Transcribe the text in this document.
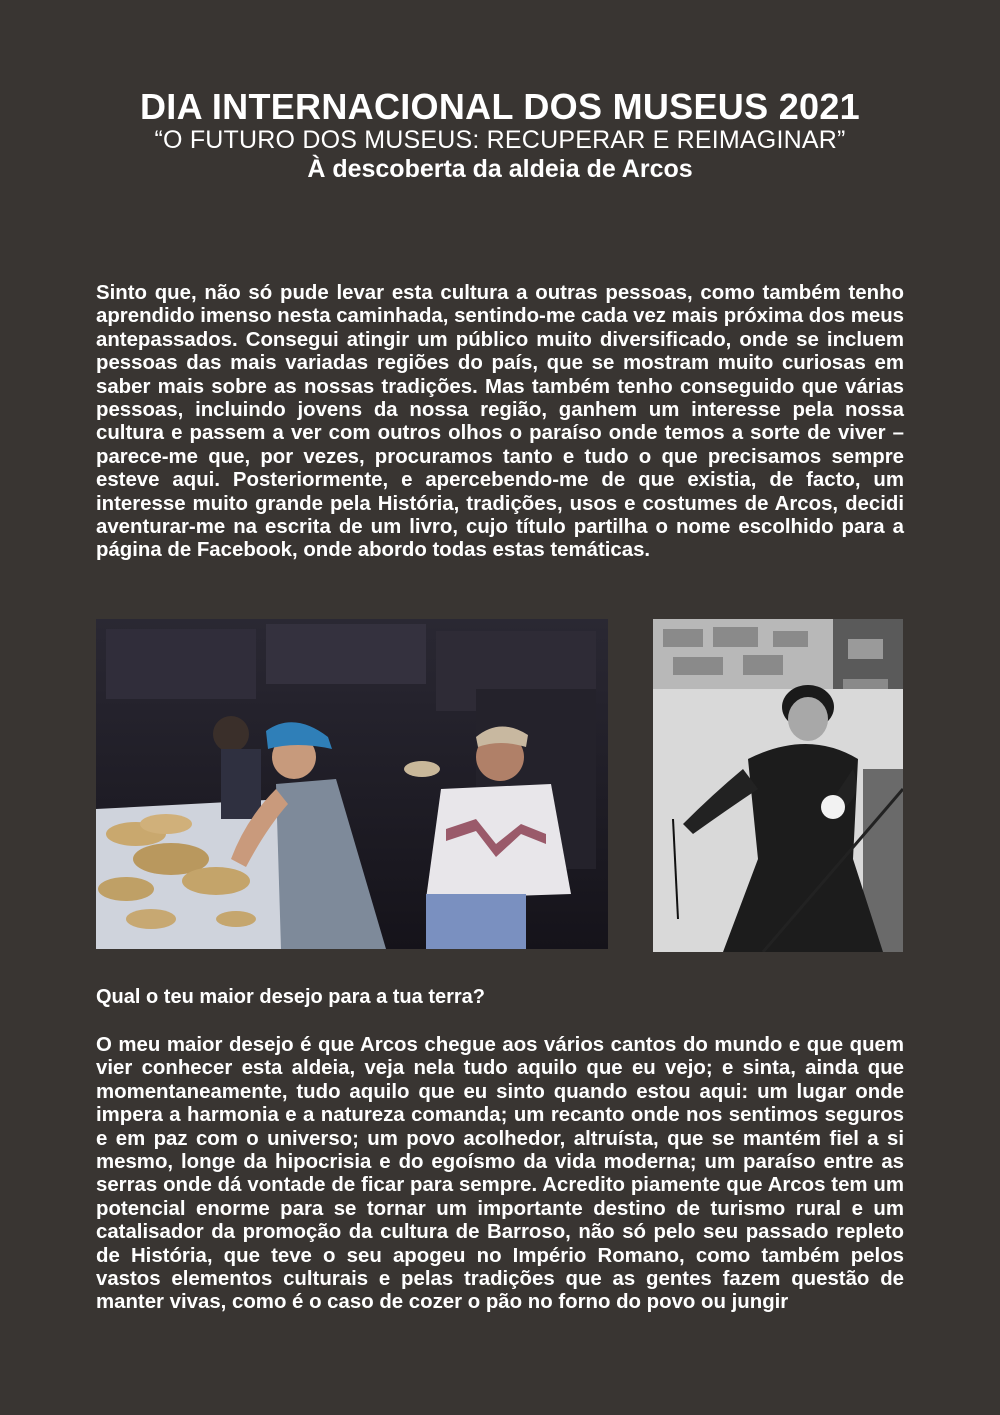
DIA INTERNACIONAL DOS MUSEUS 2021

“O FUTURO DOS MUSEUS: RECUPERAR E REIMAGINAR”

À descoberta da aldeia de Arcos

Sinto que, não só pude levar esta cultura a outras pessoas, como também tenho aprendido imenso nesta caminhada, sentindo-me cada vez mais próxima dos meus antepassados. Consegui atingir um público muito diversificado, onde se incluem pessoas das mais variadas regiões do país, que se mostram muito curiosas em saber mais sobre as nossas tradições. Mas também tenho conseguido que várias pessoas, incluindo jovens da nossa região, ganhem um interesse pela nossa cultura e passem a ver com outros olhos o paraíso onde temos a sorte de viver – parece-me que, por vezes, procuramos tanto e tudo o que precisamos sempre esteve aqui. Posteriormente, e apercebendo-me de que existia, de facto, um interesse muito grande pela História, tradições, usos e costumes de Arcos, decidi aventurar-me na escrita de um livro, cujo título partilha o nome escolhido para a página de Facebook, onde abordo todas estas temáticas.

Qual o teu maior desejo para a tua terra?

O meu maior desejo é que Arcos chegue aos vários cantos do mundo e que quem vier conhecer esta aldeia, veja nela tudo aquilo que eu vejo; e sinta, ainda que momentaneamente, tudo aquilo que eu sinto quando estou aqui: um lugar onde impera a harmonia e a natureza comanda; um recanto onde nos sentimos seguros e em paz com o universo; um povo acolhedor, altruísta, que se mantém fiel a si mesmo, longe da hipocrisia e do egoísmo da vida moderna; um paraíso entre as serras onde dá vontade de ficar para sempre. Acredito piamente que Arcos tem um potencial enorme para se tornar um importante destino de turismo rural e um catalisador da promoção da cultura de Barroso, não só pelo seu passado repleto de História, que teve o seu apogeu no Império Romano, como também pelos vastos elementos culturais e pelas tradições que as gentes fazem questão de manter vivas, como é o caso de cozer o pão no forno do povo ou jungir
